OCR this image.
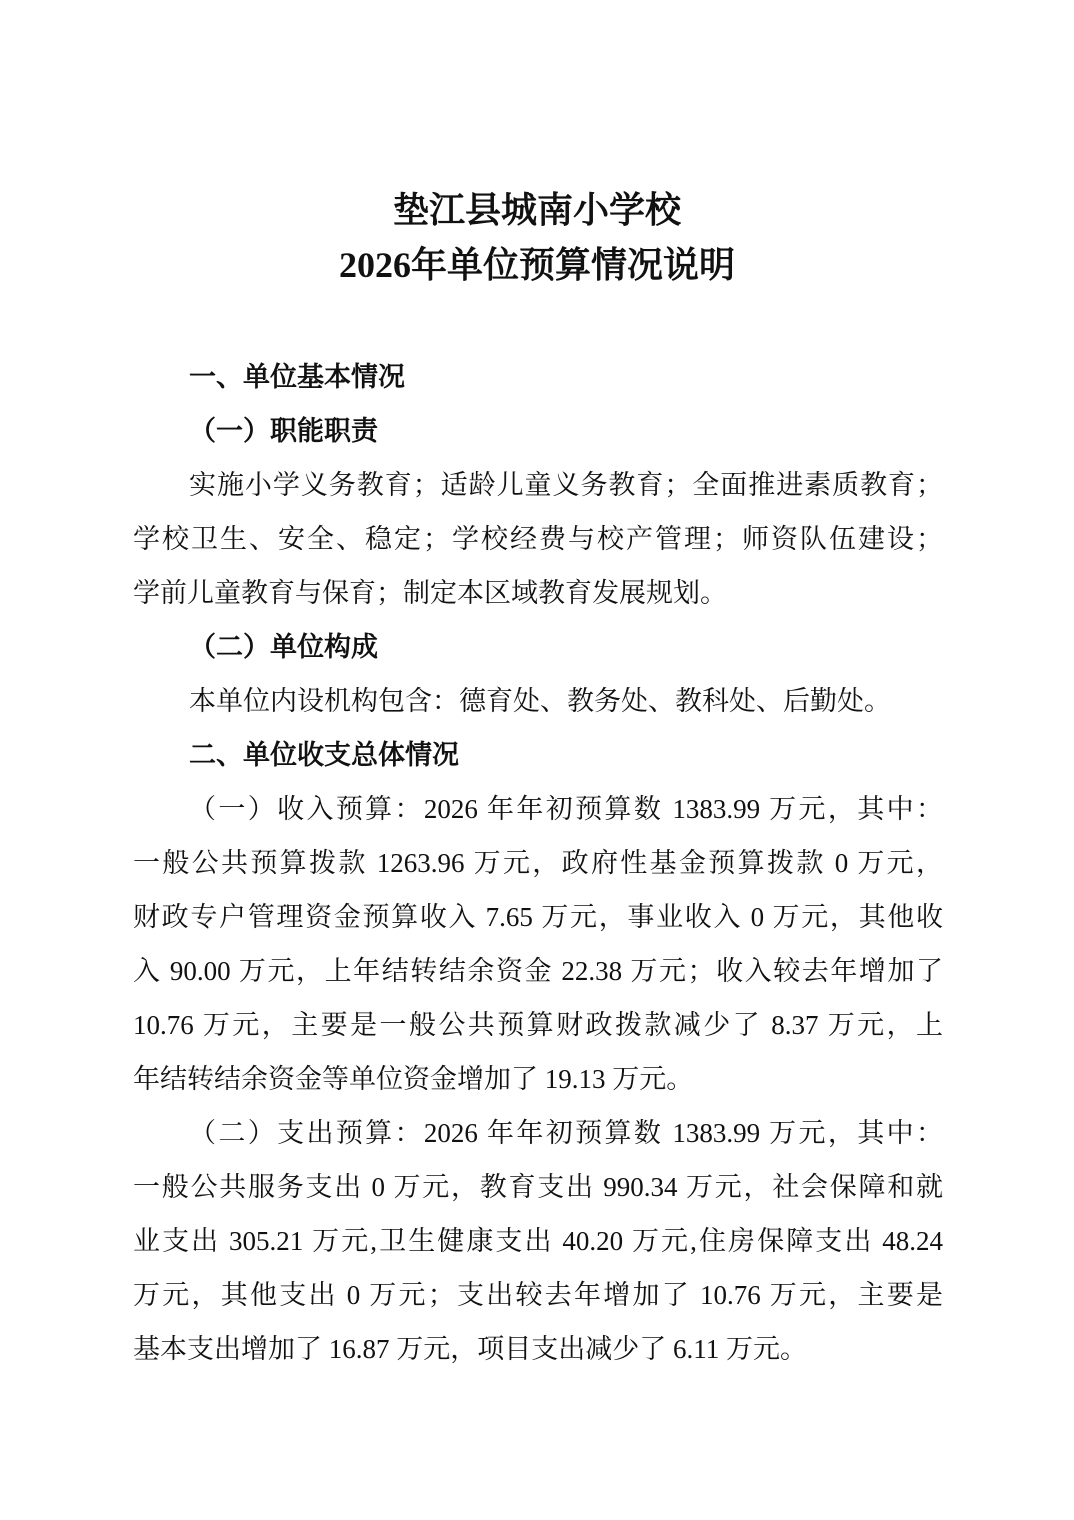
垫江县城南小学校
2026年单位预算情况说明
一、单位基本情况
（一）职能职责
实施小学义务教育；适龄儿童义务教育；全面推进素质教育；
学校卫生、安全、稳定；学校经费与校产管理；师资队伍建设；
学前儿童教育与保育；制定本区域教育发展规划。
（二）单位构成
本单位内设机构包含：德育处、教务处、教科处、后勤处。
二、单位收支总体情况
（一）收入预算：2026 年年初预算数 1383.99 万元，其中：
一般公共预算拨款 1263.96 万元，政府性基金预算拨款 0 万元，
财政专户管理资金预算收入 7.65 万元，事业收入 0 万元，其他收
入 90.00 万元，上年结转结余资金 22.38 万元；收入较去年增加了
10.76 万元，主要是一般公共预算财政拨款减少了 8.37 万元，上
年结转结余资金等单位资金增加了 19.13 万元。
（二）支出预算：2026 年年初预算数 1383.99 万元，其中：
一般公共服务支出 0 万元，教育支出 990.34 万元，社会保障和就
业支出 305.21 万元,卫生健康支出 40.20 万元,住房保障支出 48.24
万元，其他支出 0 万元；支出较去年增加了 10.76 万元，主要是
基本支出增加了 16.87 万元，项目支出减少了 6.11 万元。
